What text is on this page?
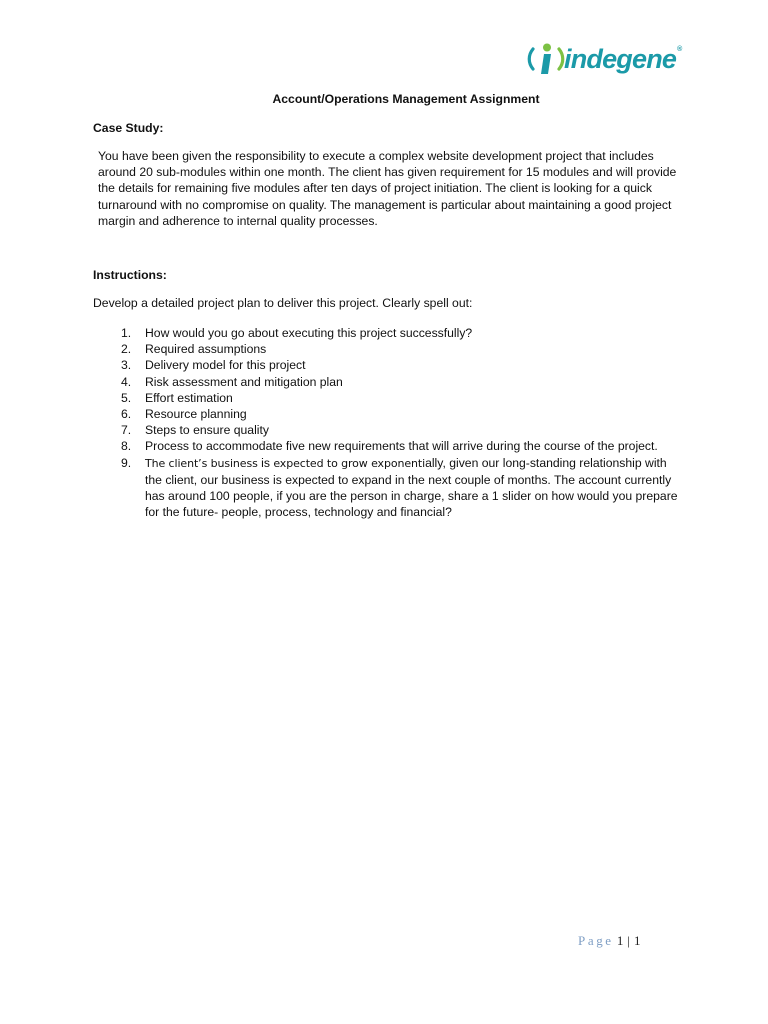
indegene®
Account/Operations Management Assignment
Case Study:
You have been given the responsibility to execute a complex website development project that includes around 20 sub-modules within one month. The client has given requirement for 15 modules and will provide the details for remaining five modules after ten days of project initiation. The client is looking for a quick turnaround with no compromise on quality. The management is particular about maintaining a good project margin and adherence to internal quality processes.
Instructions:
Develop a detailed project plan to deliver this project. Clearly spell out:
1. How would you go about executing this project successfully?
2. Required assumptions
3. Delivery model for this project
4. Risk assessment and mitigation plan
5. Effort estimation
6. Resource planning
7. Steps to ensure quality
8. Process to accommodate five new requirements that will arrive during the course of the project.
9. The client’s business is expected to grow exponentially, given our long-standing relationship with the client, our business is expected to expand in the next couple of months. The account currently has around 100 people, if you are the person in charge, share a 1 slider on how would you prepare for the future- people, process, technology and financial?
Page 1 | 1
